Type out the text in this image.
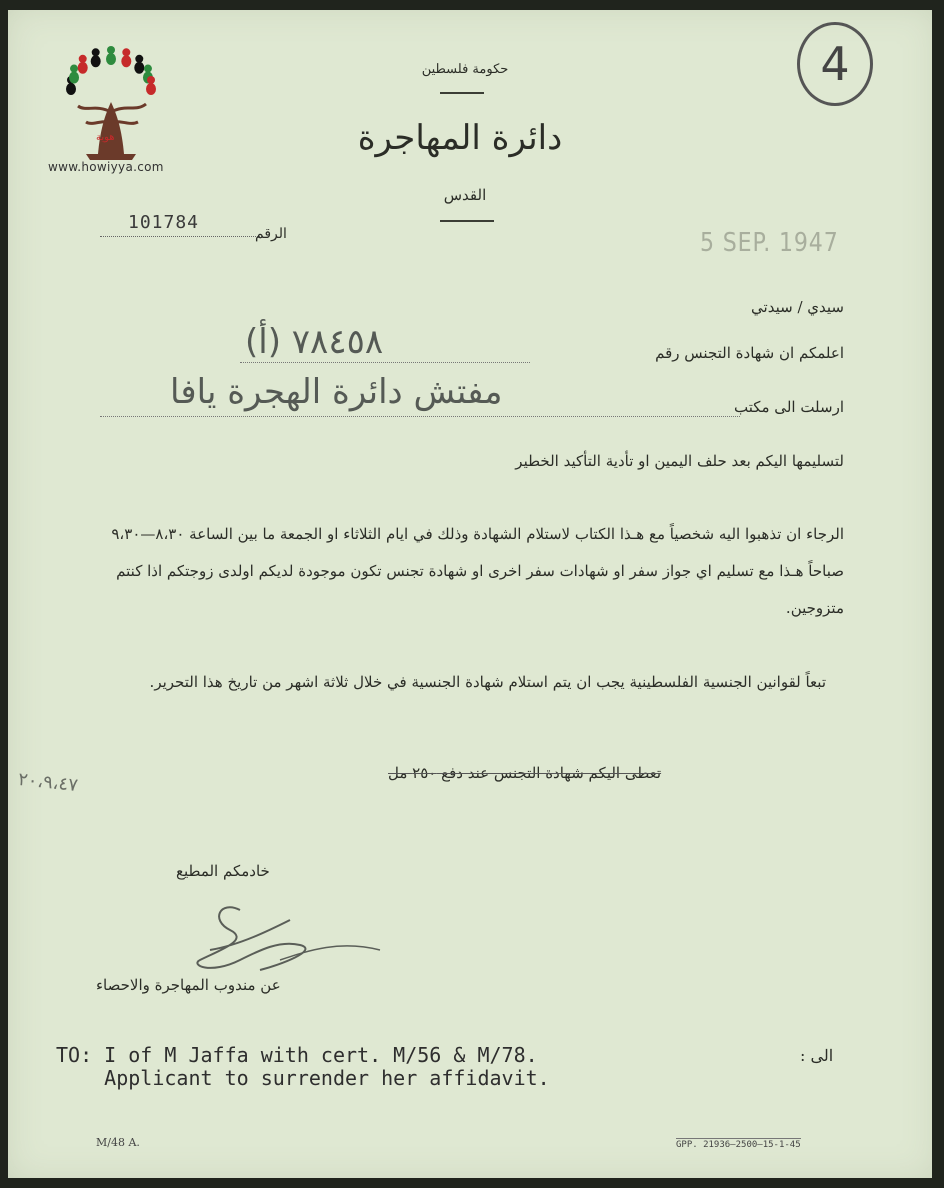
هوية
www.howiyya.com
4
حكومة فلسطين
دائرة المهاجرة
القدس
101784
الرقم	5 SEP. 1947
سيدي / سيدتي
اعلمكم ان شهادة التجنس رقم
٧٨٤٥٨ (أ)
ارسلت الى مكتب
مفتش دائرة الهجرة يافا
لتسليمها اليكم بعد حلف اليمين او تأدية التأكيد الخطير
الرجاء ان تذهبوا اليه شخصياً مع هـذا الكتاب لاستلام الشهادة وذلك في ايام الثلاثاء او الجمعة ما بين الساعة ٨،٣٠—٩،٣٠ صباحاً هـذا مع تسليم اي جواز سفر او شهادات سفر اخرى او شهادة تجنس تكون موجودة لديكم اولدى زوجتكم اذا كنتم متزوجين.
تبعاً لقوانين الجنسية الفلسطينية يجب ان يتم استلام شهادة الجنسية في خلال ثلاثة اشهر من تاريخ هذا التحرير.
تعطى اليكم شهادة التجنس عند دفع ٢٥٠ مل
٢٠،٩،٤٧
خادمكم المطيع
عن مندوب المهاجرة والاحصاء
TO: I of M Jaffa with cert. M/56 & M/78.
Applicant to surrender her affidavit.
الى :
M/48 A.	GPP. 21936—2500—15-1-45
